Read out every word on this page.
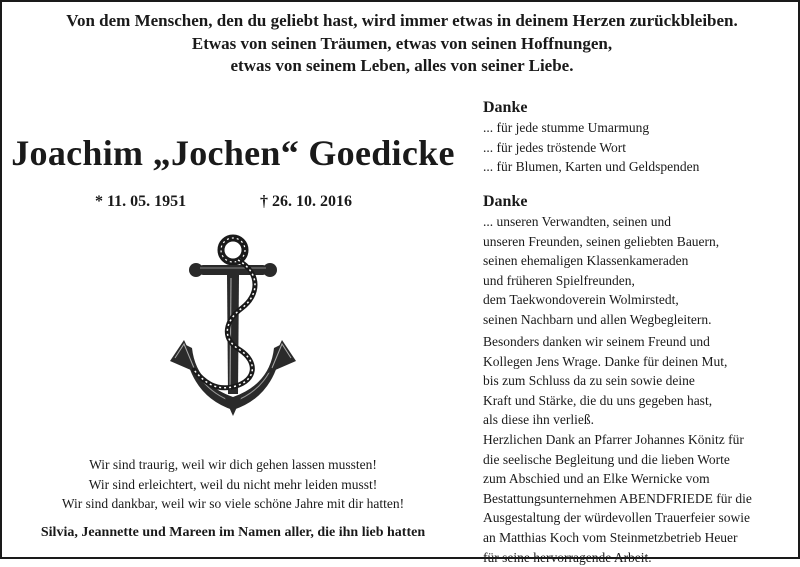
Von dem Menschen, den du geliebt hast, wird immer etwas in deinem Herzen zurückbleiben.
Etwas von seinen Träumen, etwas von seinen Hoffnungen,
etwas von seinem Leben, alles von seiner Liebe.
Joachim „Jochen“ Goedicke
* 11. 05. 1951	† 26. 10. 2016
Wir sind traurig, weil wir dich gehen lassen mussten!
Wir sind erleichtert, weil du nicht mehr leiden musst!
Wir sind dankbar, weil wir so viele schöne Jahre mit dir hatten!
Silvia, Jeannette und Mareen im Namen aller, die ihn lieb hatten
Danke
... für jede stumme Umarmung
... für jedes tröstende Wort
... für Blumen, Karten und Geldspenden
Danke
... unseren Verwandten, seinen und
unseren Freunden, seinen geliebten Bauern,
seinen ehemaligen Klassenkameraden
und früheren Spielfreunden,
dem Taekwondoverein Wolmirstedt,
seinen Nachbarn und allen Wegbegleitern.
Besonders danken wir seinem Freund und
Kollegen Jens Wrage. Danke für deinen Mut,
bis zum Schluss da zu sein sowie deine
Kraft und Stärke, die du uns gegeben hast,
als diese ihn verließ.
Herzlichen Dank an Pfarrer Johannes Könitz für
die seelische Begleitung und die lieben Worte
zum Abschied und an Elke Wernicke vom
Bestattungsunternehmen ABENDFRIEDE für die
Ausgestaltung der würdevollen Trauerfeier sowie
an Matthias Koch vom Steinmetzbetrieb Heuer
für seine hervorragende Arbeit.
